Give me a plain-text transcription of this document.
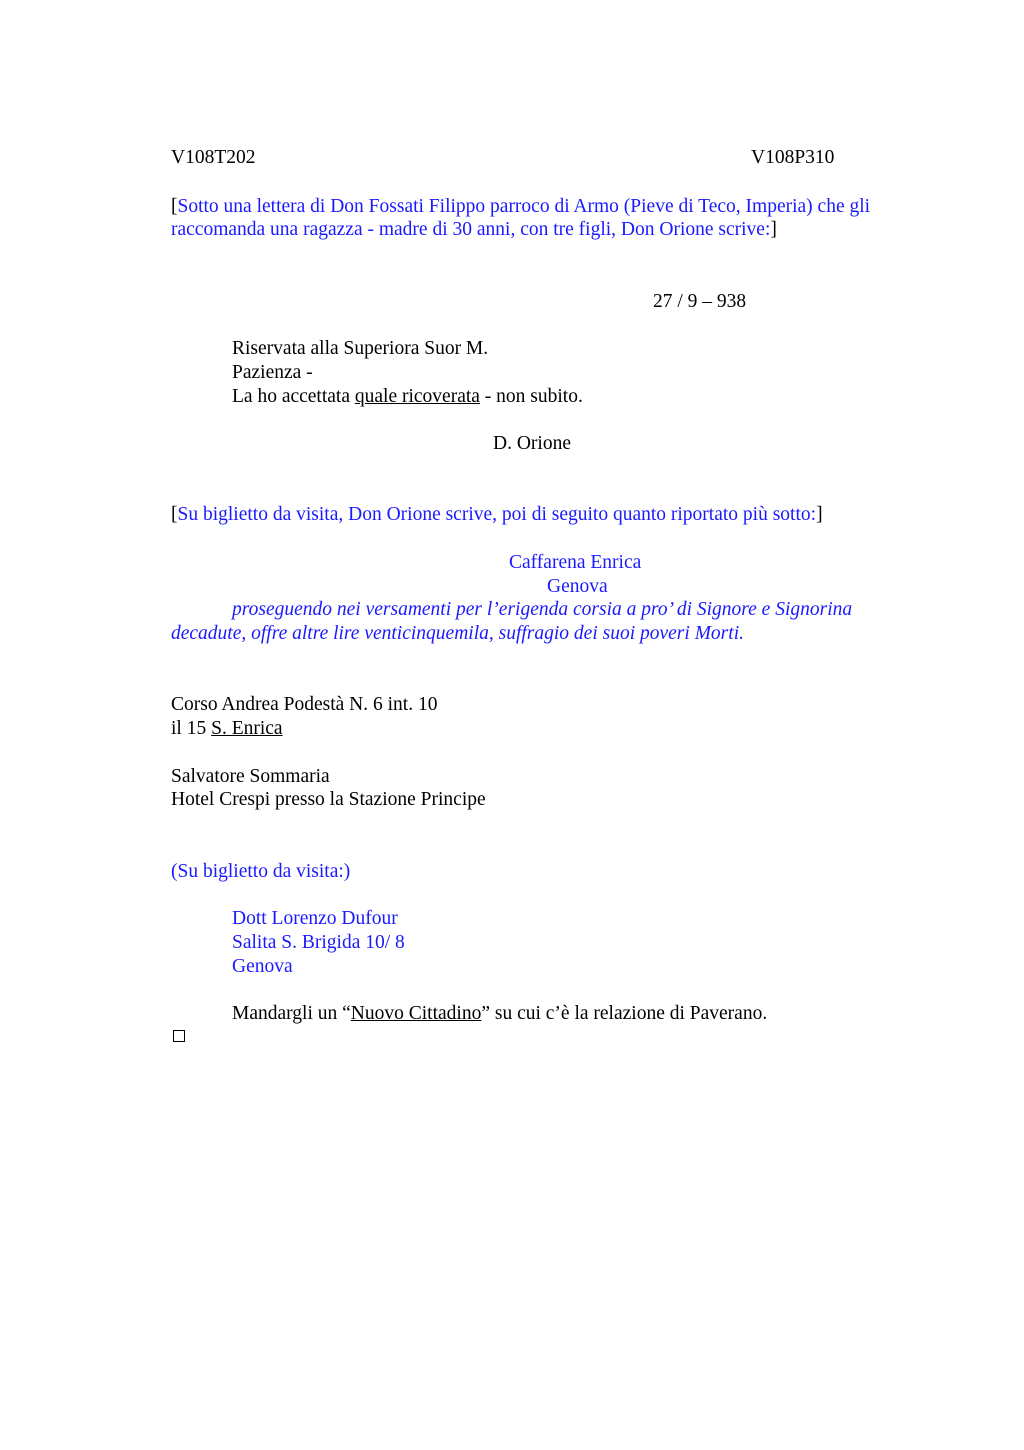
V108T202	V108P310
[Sotto una lettera di Don Fossati Filippo parroco di Armo (Pieve di Teco, Imperia) che gli
raccomanda una ragazza - madre di 30 anni, con tre figli, Don Orione scrive:]
27 / 9 – 938
Riservata alla Superiora Suor M.
Pazienza -
La ho accettata quale ricoverata - non subito.
D. Orione
[Su biglietto da visita, Don Orione scrive, poi di seguito quanto riportato più sotto:]
Caffarena Enrica
Genova
proseguendo nei versamenti per l’erigenda corsia a pro’ di Signore e Signorina
decadute, offre altre lire venticinquemila, suffragio dei suoi poveri Morti.
Corso Andrea Podestà N. 6 int. 10
il 15 S. Enrica
Salvatore Sommaria
Hotel Crespi presso la Stazione Principe
(Su biglietto da visita:)
Dott Lorenzo Dufour
Salita S. Brigida 10/ 8
Genova
Mandargli un “Nuovo Cittadino” su cui c’è la relazione di Paverano.
